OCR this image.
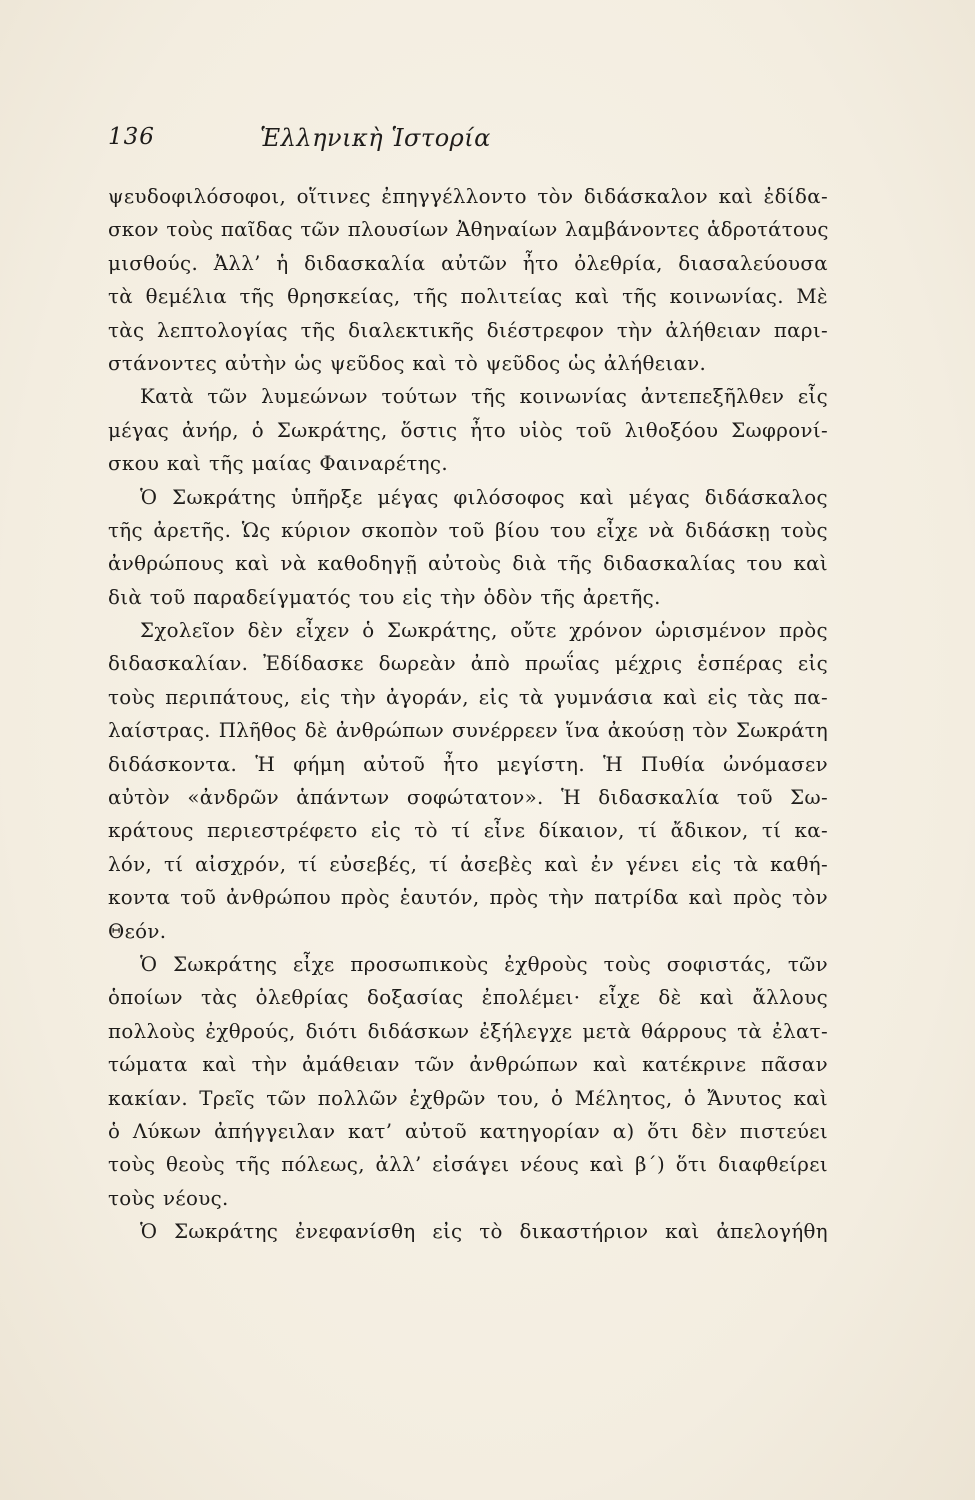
136	Ἑλληνικὴ Ἱστορία
ψευδοφιλόσοφοι, οἵτινες ἐπηγγέλλοντο τὸν διδάσκαλον καὶ ἐδίδα-
σκον τοὺς παῖδας τῶν πλουσίων Ἀθηναίων λαμβάνοντες ἁδροτάτους
μισθούς. Ἀλλ’ ἡ διδασκαλία αὐτῶν ἦτο ὀλεθρία, διασαλεύουσα
τὰ θεμέλια τῆς θρησκείας, τῆς πολιτείας καὶ τῆς κοινωνίας. Μὲ
τὰς λεπτολογίας τῆς διαλεκτικῆς διέστρεφον τὴν ἀλήθειαν παρι-
στάνοντες αὐτὴν ὡς ψεῦδος καὶ τὸ ψεῦδος ὡς ἀλήθειαν.
Κατὰ τῶν λυμεώνων τούτων τῆς κοινωνίας ἀντεπεξῆλθεν εἷς
μέγας ἀνήρ, ὁ Σωκράτης, ὅστις ἦτο υἱὸς τοῦ λιθοξόου Σωφρονί-
σκου καὶ τῆς μαίας Φαιναρέτης.
Ὁ Σωκράτης ὑπῆρξε μέγας φιλόσοφος καὶ μέγας διδάσκαλος
τῆς ἀρετῆς. Ὡς κύριον σκοπὸν τοῦ βίου του εἶχε νὰ διδάσκῃ τοὺς
ἀνθρώπους καὶ νὰ καθοδηγῇ αὐτοὺς διὰ τῆς διδασκαλίας του καὶ
διὰ τοῦ παραδείγματός του εἰς τὴν ὁδὸν τῆς ἀρετῆς.
Σχολεῖον δὲν εἶχεν ὁ Σωκράτης, οὔτε χρόνον ὡρισμένον πρὸς
διδασκαλίαν. Ἐδίδασκε δωρεὰν ἀπὸ πρωΐας μέχρις ἑσπέρας εἰς
τοὺς περιπάτους, εἰς τὴν ἀγοράν, εἰς τὰ γυμνάσια καὶ εἰς τὰς πα-
λαίστρας. Πλῆθος δὲ ἀνθρώπων συνέρρεεν ἵνα ἀκούσῃ τὸν Σωκράτη
διδάσκοντα. Ἡ φήμη αὐτοῦ ἦτο μεγίστη. Ἡ Πυθία ὠνόμασεν
αὐτὸν «ἀνδρῶν ἁπάντων σοφώτατον». Ἡ διδασκαλία τοῦ Σω-
κράτους περιεστρέφετο εἰς τὸ τί εἶνε δίκαιον, τί ἄδικον, τί κα-
λόν, τί αἰσχρόν, τί εὐσεβές, τί ἀσεβὲς καὶ ἐν γένει εἰς τὰ καθή-
κοντα τοῦ ἀνθρώπου πρὸς ἑαυτόν, πρὸς τὴν πατρίδα καὶ πρὸς τὸν
Θεόν.
Ὁ Σωκράτης εἶχε προσωπικοὺς ἐχθροὺς τοὺς σοφιστάς, τῶν
ὁποίων τὰς ὀλεθρίας δοξασίας ἐπολέμει· εἶχε δὲ καὶ ἄλλους
πολλοὺς ἐχθρούς, διότι διδάσκων ἐξήλεγχε μετὰ θάρρους τὰ ἐλατ-
τώματα καὶ τὴν ἀμάθειαν τῶν ἀνθρώπων καὶ κατέκρινε πᾶσαν
κακίαν. Τρεῖς τῶν πολλῶν ἐχθρῶν του, ὁ Μέλητος, ὁ Ἄνυτος καὶ
ὁ Λύκων ἀπήγγειλαν κατ’ αὐτοῦ κατηγορίαν α) ὅτι δὲν πιστεύει
τοὺς θεοὺς τῆς πόλεως, ἀλλ’ εἰσάγει νέους καὶ β΄) ὅτι διαφθείρει
τοὺς νέους.
Ὁ Σωκράτης ἐνεφανίσθη εἰς τὸ δικαστήριον καὶ ἀπελογήθη
